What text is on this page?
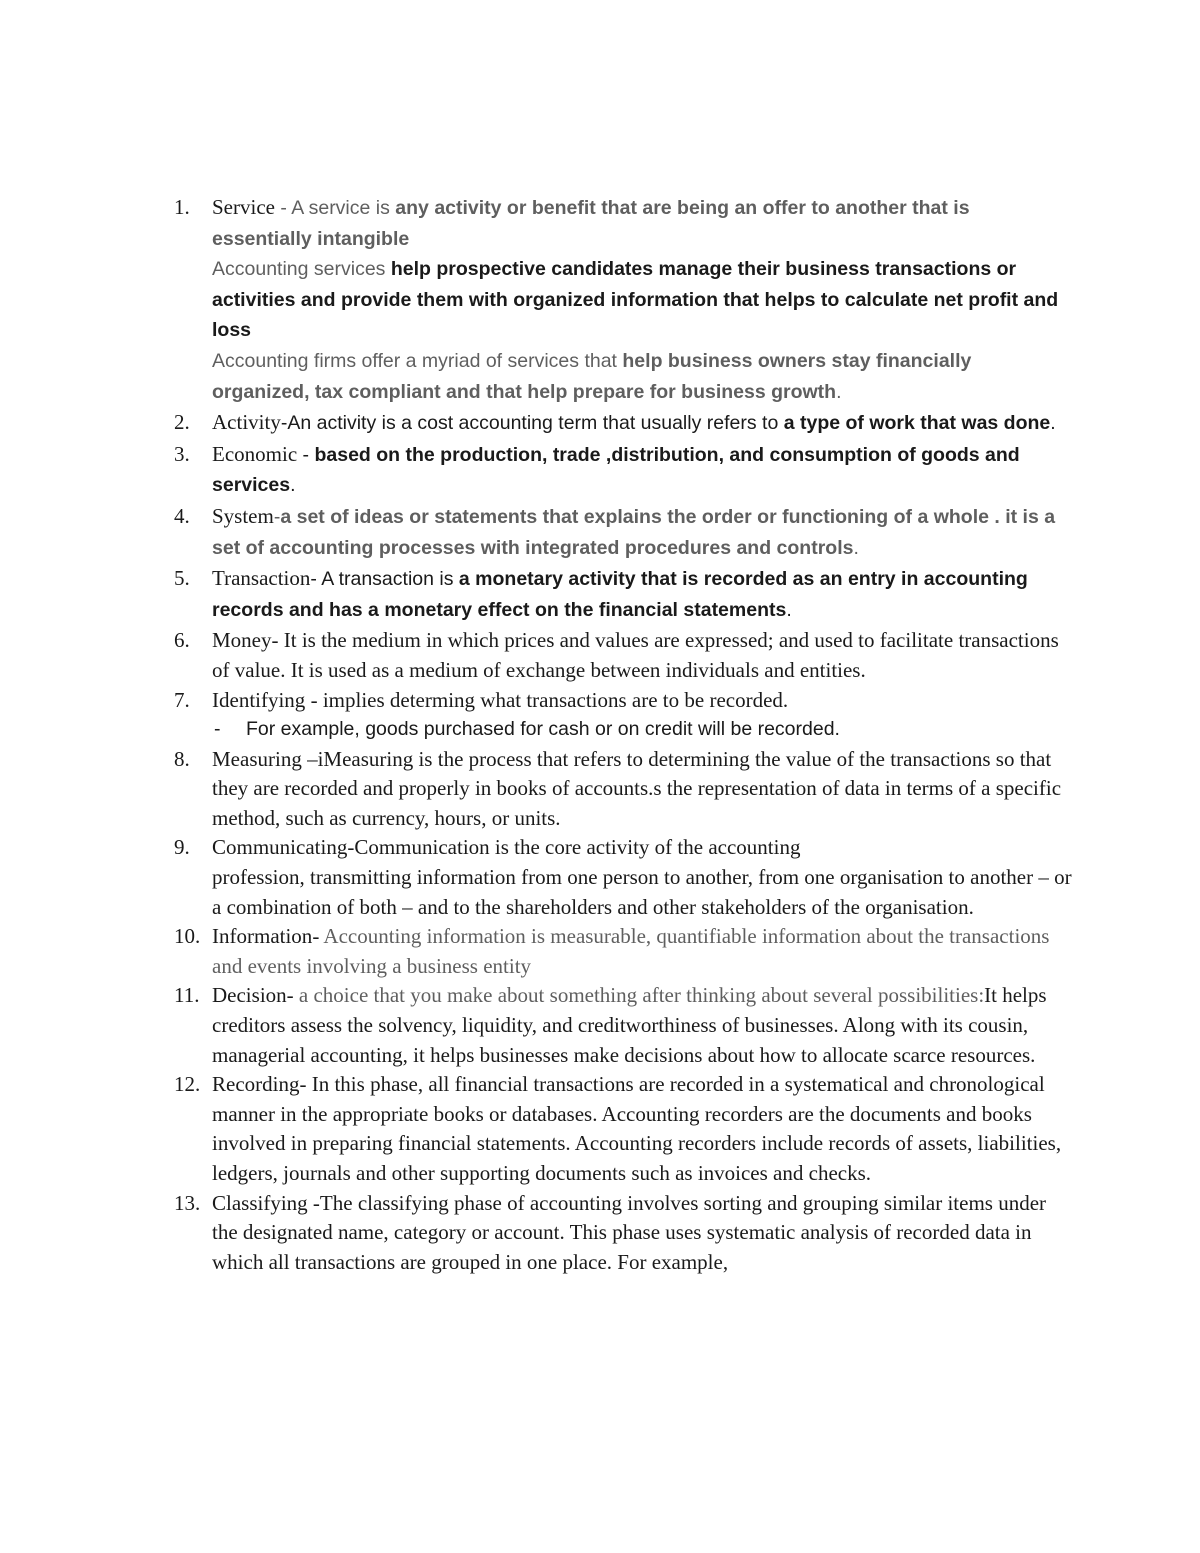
1. Service - A service is any activity or benefit that are being an offer to another that is essentially intangible
Accounting services help prospective candidates manage their business transactions or activities and provide them with organized information that helps to calculate net profit and loss
Accounting firms offer a myriad of services that help business owners stay financially organized, tax compliant and that help prepare for business growth.
2. Activity-An activity is a cost accounting term that usually refers to a type of work that was done.
3. Economic - based on the production, trade ,distribution, and consumption of goods and services.
4. System-a set of ideas or statements that explains the order or functioning of a whole . it is a set of accounting processes with integrated procedures and controls.
5. Transaction- A transaction is a monetary activity that is recorded as an entry in accounting records and has a monetary effect on the financial statements.
6. Money- It is the medium in which prices and values are expressed; and used to facilitate transactions of value. It is used as a medium of exchange between individuals and entities.
7. Identifying - implies determing what transactions are to be recorded.
- For example, goods purchased for cash or on credit will be recorded.
8. Measuring –iMeasuring is the process that refers to determining the value of the transactions so that they are recorded and properly in books of accounts.s the representation of data in terms of a specific method, such as currency, hours, or units.
9. Communicating-Communication is the core activity of the accounting
profession, transmitting information from one person to another, from one organisation to another – or a combination of both – and to the shareholders and other stakeholders of the organisation.
10. Information- Accounting information is measurable, quantifiable information about the transactions and events involving a business entity
11. Decision- a choice that you make about something after thinking about several possibilities:It helps creditors assess the solvency, liquidity, and creditworthiness of businesses. Along with its cousin, managerial accounting, it helps businesses make decisions about how to allocate scarce resources.
12. Recording- In this phase, all financial transactions are recorded in a systematical and chronological manner in the appropriate books or databases. Accounting recorders are the documents and books involved in preparing financial statements. Accounting recorders include records of assets, liabilities, ledgers, journals and other supporting documents such as invoices and checks.
13. Classifying -The classifying phase of accounting involves sorting and grouping similar items under the designated name, category or account. This phase uses systematic analysis of recorded data in which all transactions are grouped in one place. For example,
